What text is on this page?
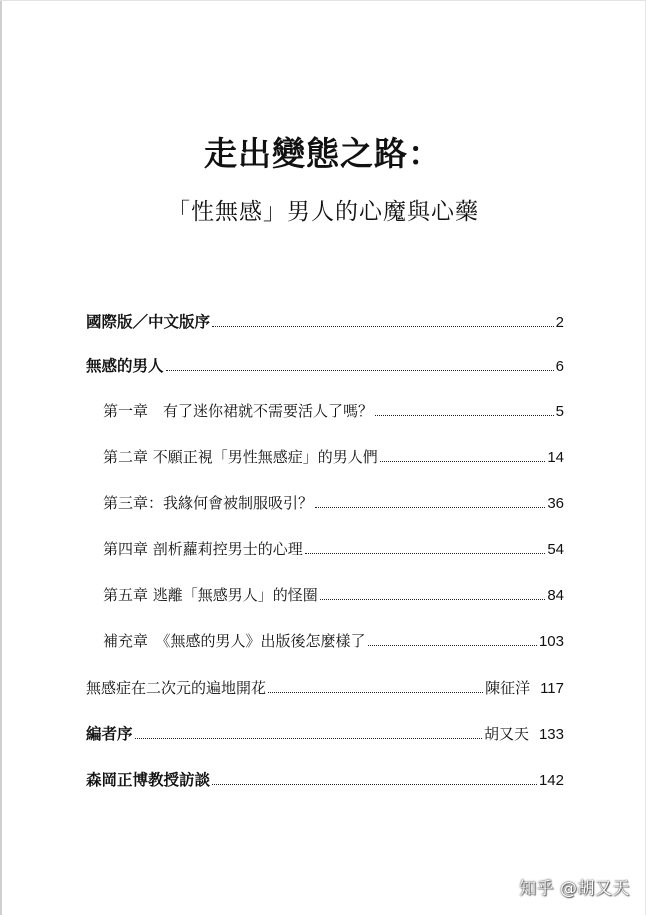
走出變態之路：
「性無感」男人的心魔與心藥
國際版／中文版序	2
無感的男人	6
第一章　有了迷你裙就不需要活人了嗎？	5
第二章 不願正視「男性無感症」的男人們	14
第三章：我緣何會被制服吸引？	36
第四章 剖析蘿莉控男士的心理	54
第五章 逃離「無感男人」的怪圈	84
補充章　《無感的男人》出版後怎麼樣了	103
無感症在二次元的遍地開花	陳征洋 117
編者序	胡又天 133
森岡正博教授訪談	142
知乎 @胡又天
